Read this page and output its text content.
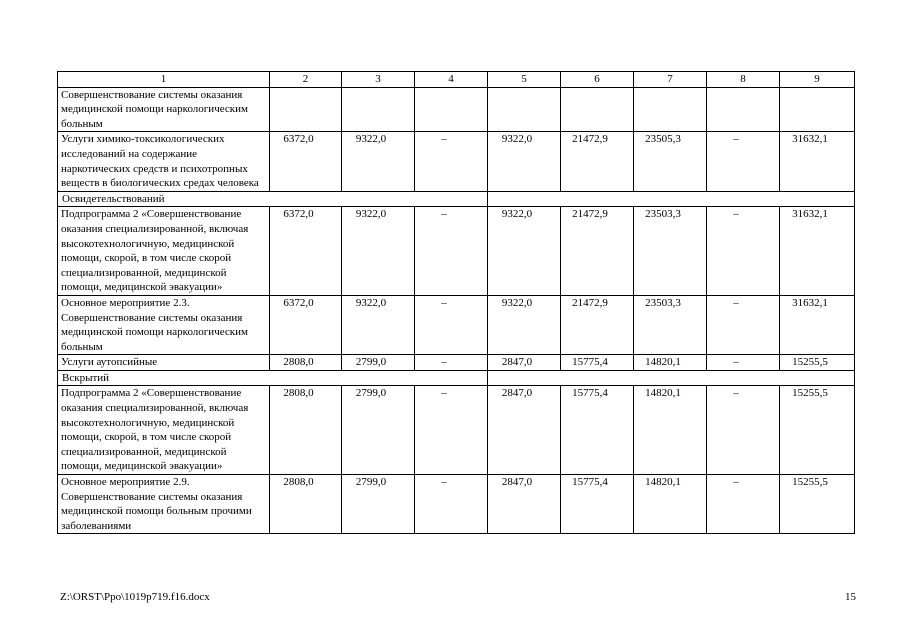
1	2	3	4	5	6	7	8	9
Совершенствование системы оказания медицинской помощи наркологическим больным								
Услуги химико-токсикологических исследований на содержание наркотических средств и психотропных веществ в биологических средах человека	6372,0	9322,0	–	9322,0	21472,9	23505,3	–	31632,1
Освидетельствований								
Подпрограмма 2 «Совершенствование оказания специализированной, включая высокотехнологичную, медицинской помощи, скорой, в том числе скорой специализированной, медицинской помощи, медицинской эвакуации»	6372,0	9322,0	–	9322,0	21472,9	23503,3	–	31632,1
Основное мероприятие 2.3. Совершенствование системы оказания медицинской помощи наркологическим больным	6372,0	9322,0	–	9322,0	21472,9	23503,3	–	31632,1
Услуги аутопсийные	2808,0	2799,0	–	2847,0	15775,4	14820,1	–	15255,5
Вскрытий								
Подпрограмма 2 «Совершенствование оказания специализированной, включая высокотехнологичную, медицинской помощи, скорой, в том числе скорой специализированной, медицинской помощи, медицинской эвакуации»	2808,0	2799,0	–	2847,0	15775,4	14820,1	–	15255,5
Основное мероприятие 2.9. Совершенствование системы оказания медицинской помощи больным прочими заболеваниями	2808,0	2799,0	–	2847,0	15775,4	14820,1	–	15255,5
Z:\ORST\Ppo\1019p719.f16.docx	15
